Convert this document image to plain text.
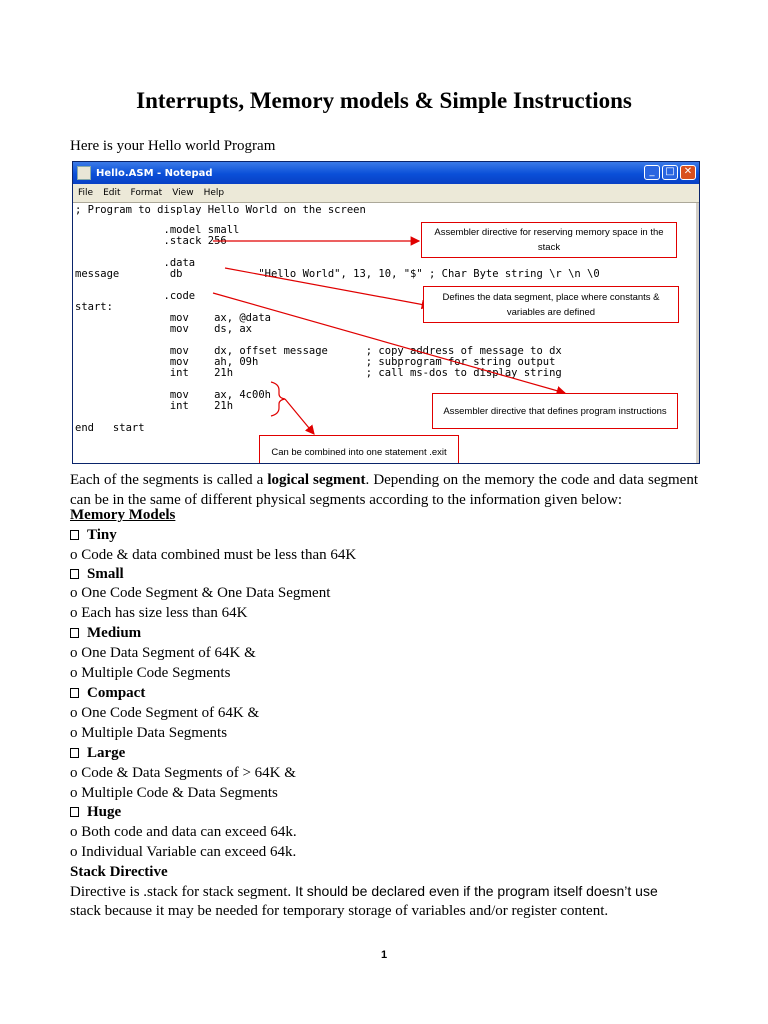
Interrupts, Memory models & Simple Instructions
Here is your Hello world Program
Hello.ASM - Notepad	_	□ ✕
File Edit Format View Help
; Program to display Hello World on the screen
.model small
.stack 256
.data
message        db            "Hello World", 13, 10, "$" ; Char Byte string \r \n \0
.code
start:
mov    ax, @data
mov    ds, ax
mov    dx, offset message      ; copy address of message to dx
mov    ah, 09h                 ; subprogram for string output
int    21h                     ; call ms-dos to display string
mov    ax, 4c00h
int    21h
end   start
Assembler directive for reserving memory space in the stack
Defines the data segment, place where constants & variables are defined
Assembler directive that defines program instructions
Can be combined into one statement .exit
Each of the segments is called a logical segment. Depending on the memory the code and data segment can be in the same of different physical segments according to the information given below:
Memory Models
Tiny
o Code & data combined must be less than 64K
Small
o One Code Segment & One Data Segment
o Each has size less than 64K
Medium
o One Data Segment of 64K &
o Multiple Code Segments
Compact
o One Code Segment of 64K &
o Multiple Data Segments
Large
o Code & Data Segments of > 64K &
o Multiple Code & Data Segments
Huge
o Both code and data can exceed 64k.
o Individual Variable can exceed 64k.
Stack Directive
Directive is .stack for stack segment. It should be declared even if the program itself doesn’t use
stack because it may be needed for temporary storage of variables and/or register content.
1
